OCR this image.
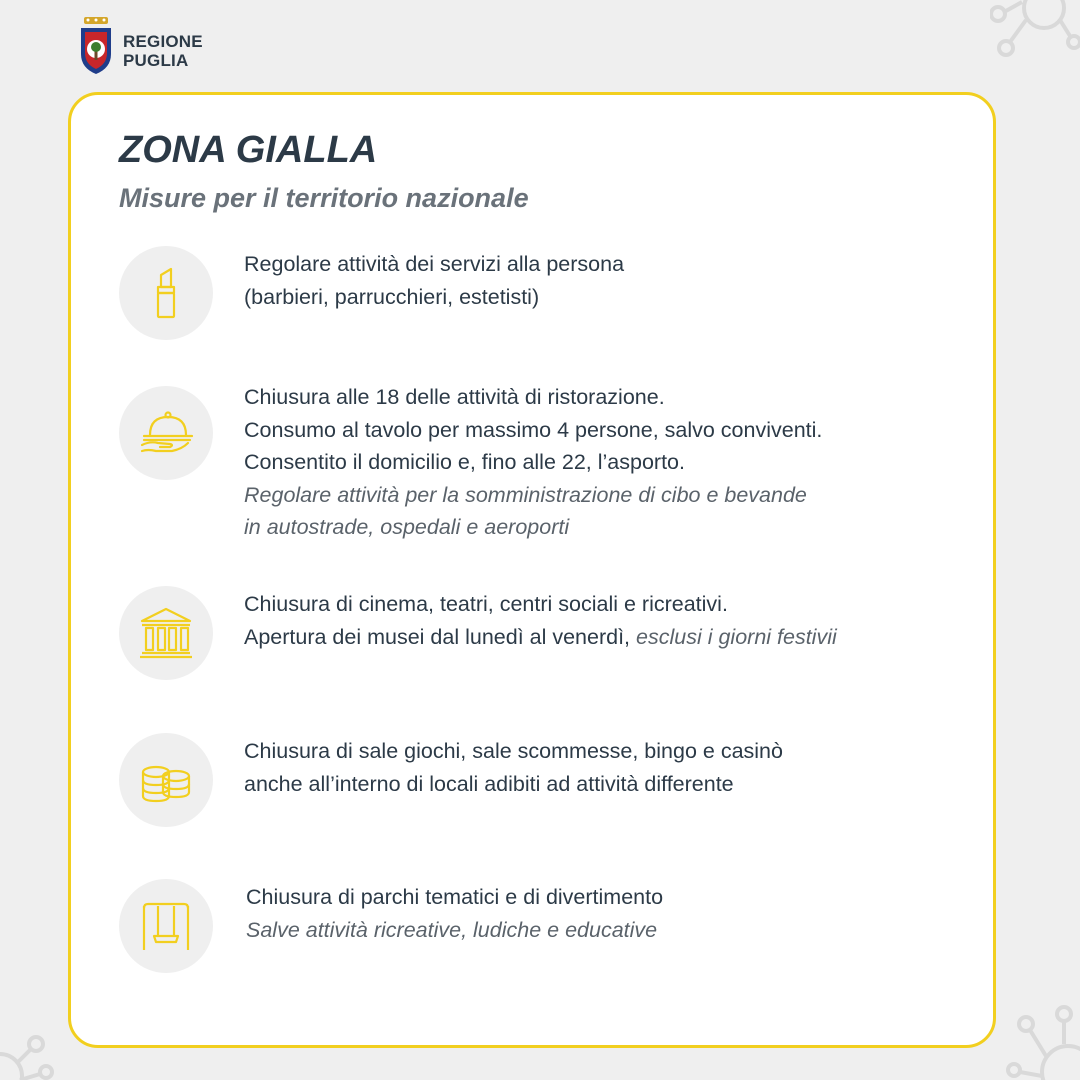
REGIONE
PUGLIA
ZONA GIALLA
Misure per il territorio nazionale
Regolare attività dei servizi alla persona
(barbieri, parrucchieri, estetisti)
Chiusura alle 18 delle attività di ristorazione.
Consumo al tavolo per massimo 4 persone, salvo conviventi.
Consentito il domicilio e, fino alle 22, l’asporto.
Regolare attività per la somministrazione di cibo e bevande
in autostrade, ospedali e aeroporti
Chiusura di cinema, teatri, centri sociali e ricreativi.
Apertura dei musei dal lunedì al venerdì, esclusi i giorni festivii
Chiusura di sale giochi, sale scommesse, bingo e casinò
anche all’interno di locali adibiti ad attività differente
Chiusura di parchi tematici e di divertimento
Salve attività ricreative, ludiche e educative
